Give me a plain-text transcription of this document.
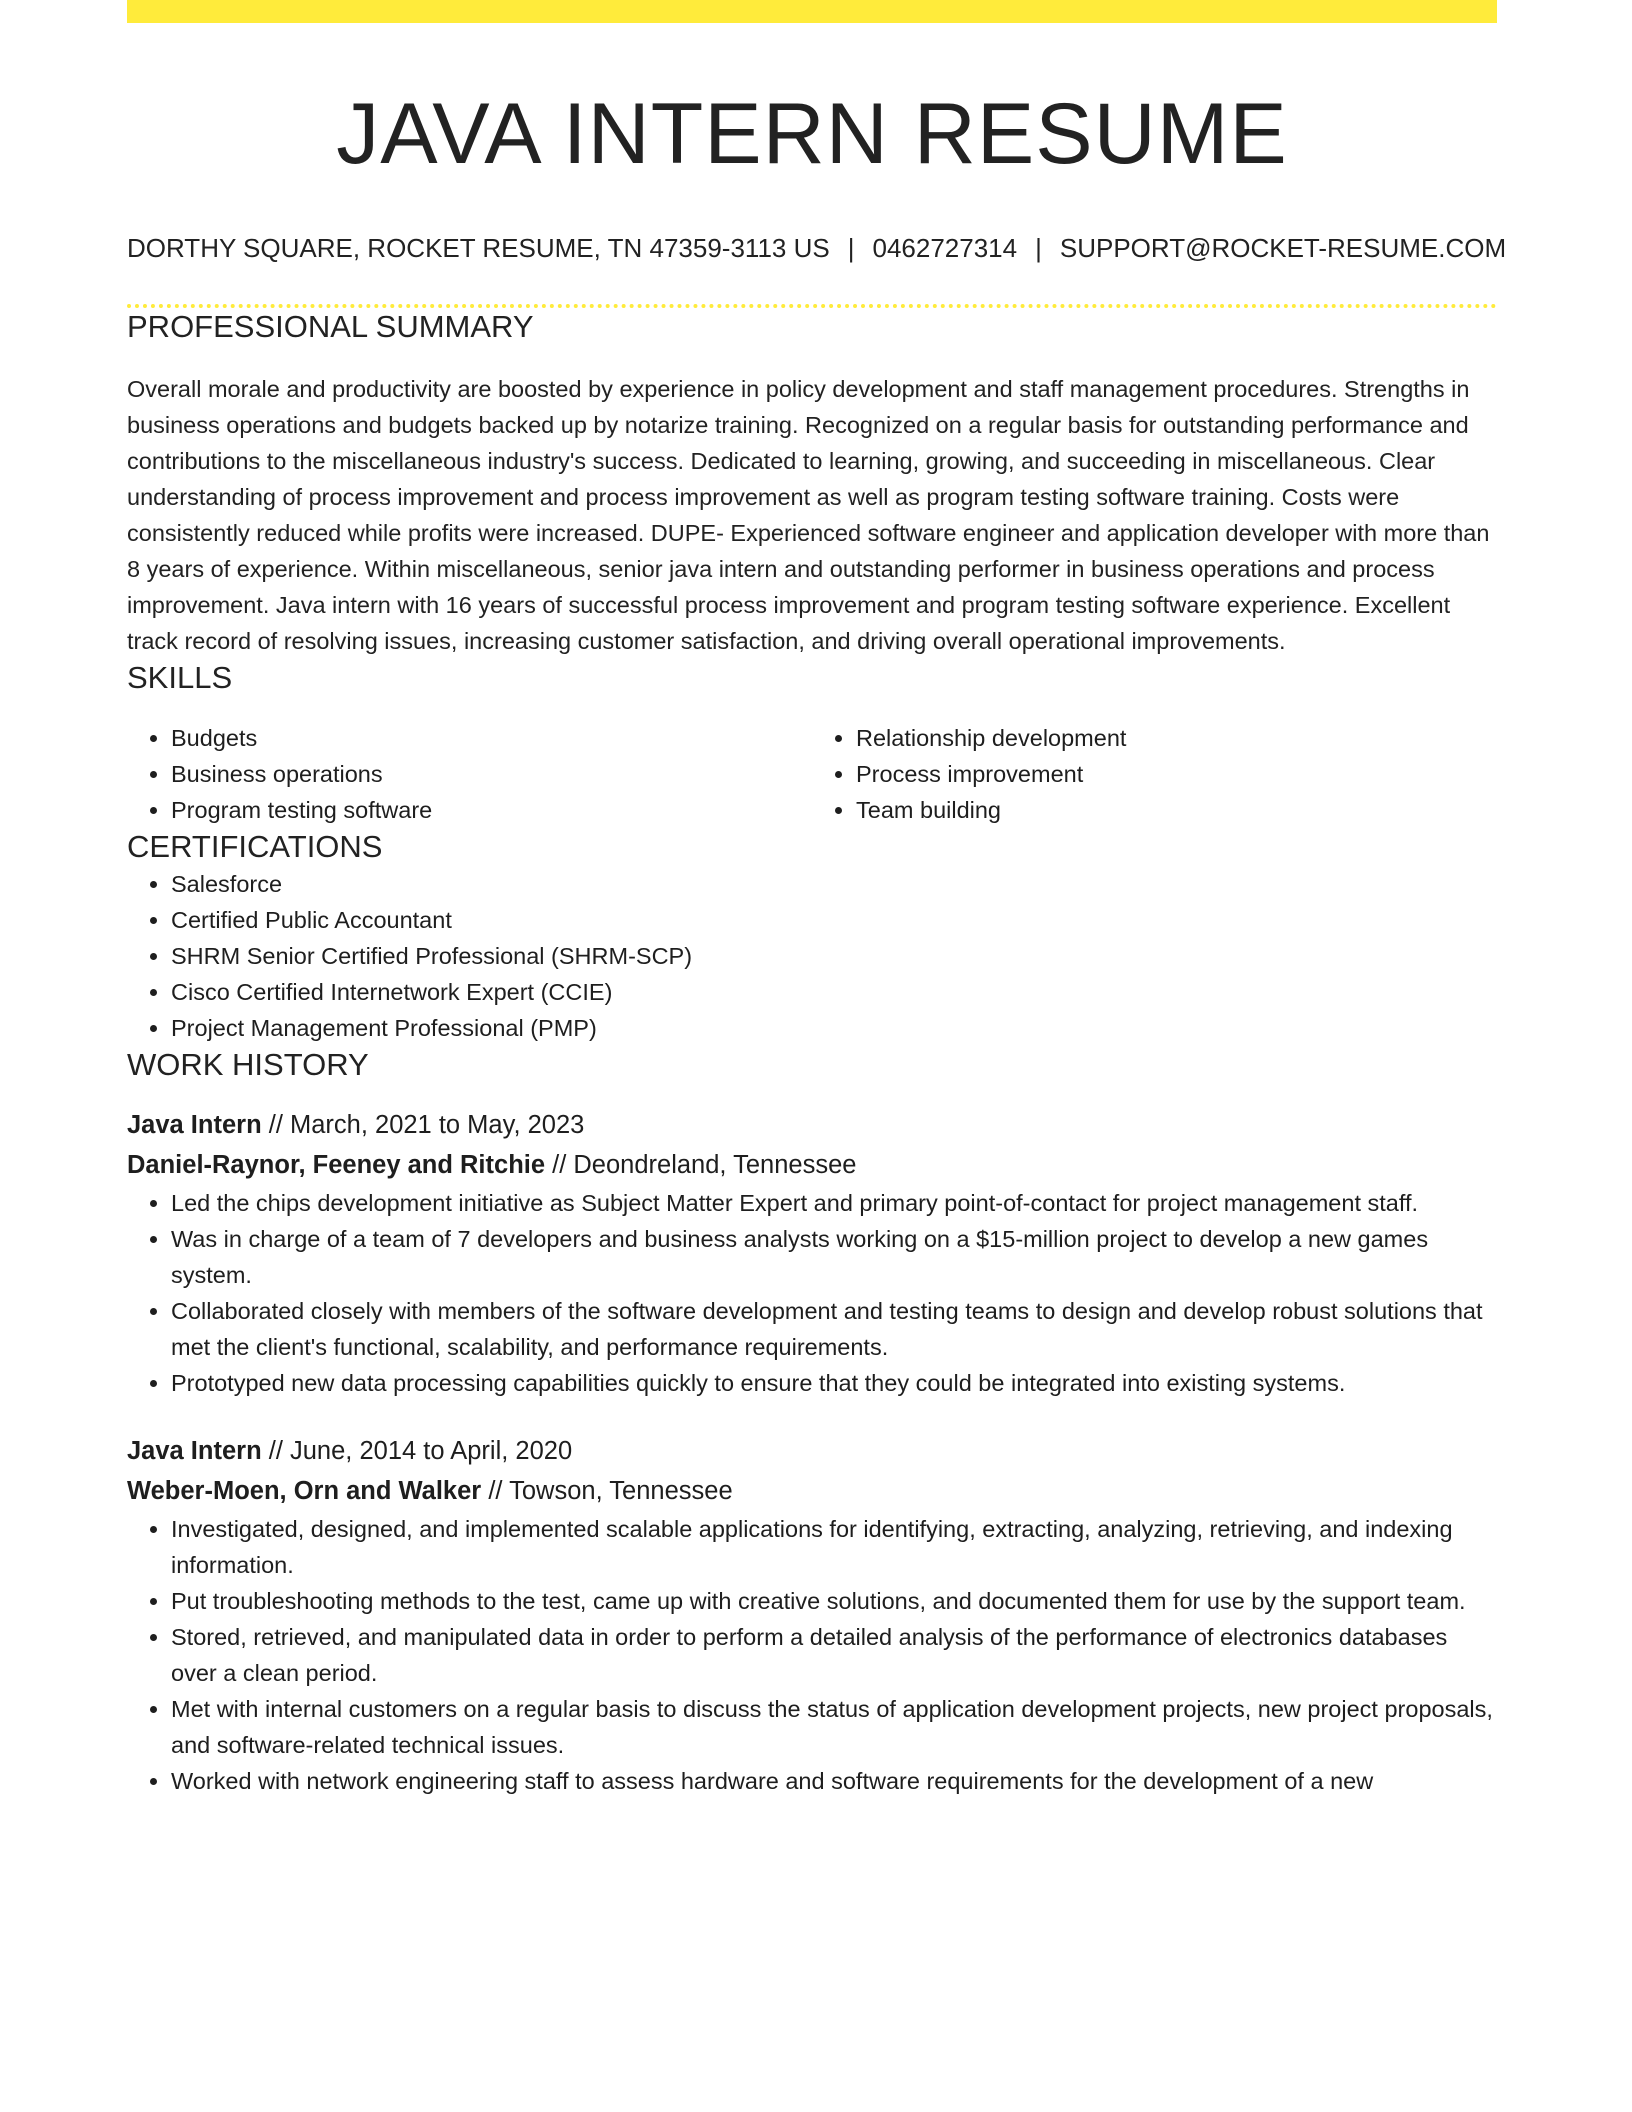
JAVA INTERN RESUME
DORTHY SQUARE, ROCKET RESUME, TN 47359-3113 US | 0462727314 | SUPPORT@ROCKET-RESUME.COM
PROFESSIONAL SUMMARY

Overall morale and productivity are boosted by experience in policy development and staff management procedures. Strengths in business operations and budgets backed up by notarize training. Recognized on a regular basis for outstanding performance and contributions to the miscellaneous industry's success. Dedicated to learning, growing, and succeeding in miscellaneous. Clear understanding of process improvement and process improvement as well as program testing software training. Costs were consistently reduced while profits were increased. DUPE- Experienced software engineer and application developer with more than 8 years of experience. Within miscellaneous, senior java intern and outstanding performer in business operations and process improvement. Java intern with 16 years of successful process improvement and program testing software experience. Excellent track record of resolving issues, increasing customer satisfaction, and driving overall operational improvements.

SKILLS
• Budgets
• Business operations
• Program testing software
• Relationship development
• Process improvement
• Team building
CERTIFICATIONS
• Salesforce
• Certified Public Accountant
• SHRM Senior Certified Professional (SHRM-SCP)
• Cisco Certified Internetwork Expert (CCIE)
• Project Management Professional (PMP)
WORK HISTORY
Java Intern // March, 2021 to May, 2023
Daniel-Raynor, Feeney and Ritchie // Deondreland, Tennessee
• Led the chips development initiative as Subject Matter Expert and primary point-of-contact for project management staff.
• Was in charge of a team of 7 developers and business analysts working on a $15-million project to develop a new games system.
• Collaborated closely with members of the software development and testing teams to design and develop robust solutions that met the client's functional, scalability, and performance requirements.
• Prototyped new data processing capabilities quickly to ensure that they could be integrated into existing systems.
Java Intern // June, 2014 to April, 2020
Weber-Moen, Orn and Walker // Towson, Tennessee
• Investigated, designed, and implemented scalable applications for identifying, extracting, analyzing, retrieving, and indexing information.
• Put troubleshooting methods to the test, came up with creative solutions, and documented them for use by the support team.
• Stored, retrieved, and manipulated data in order to perform a detailed analysis of the performance of electronics databases over a clean period.
• Met with internal customers on a regular basis to discuss the status of application development projects, new project proposals, and software-related technical issues.
• Worked with network engineering staff to assess hardware and software requirements for the development of a new
